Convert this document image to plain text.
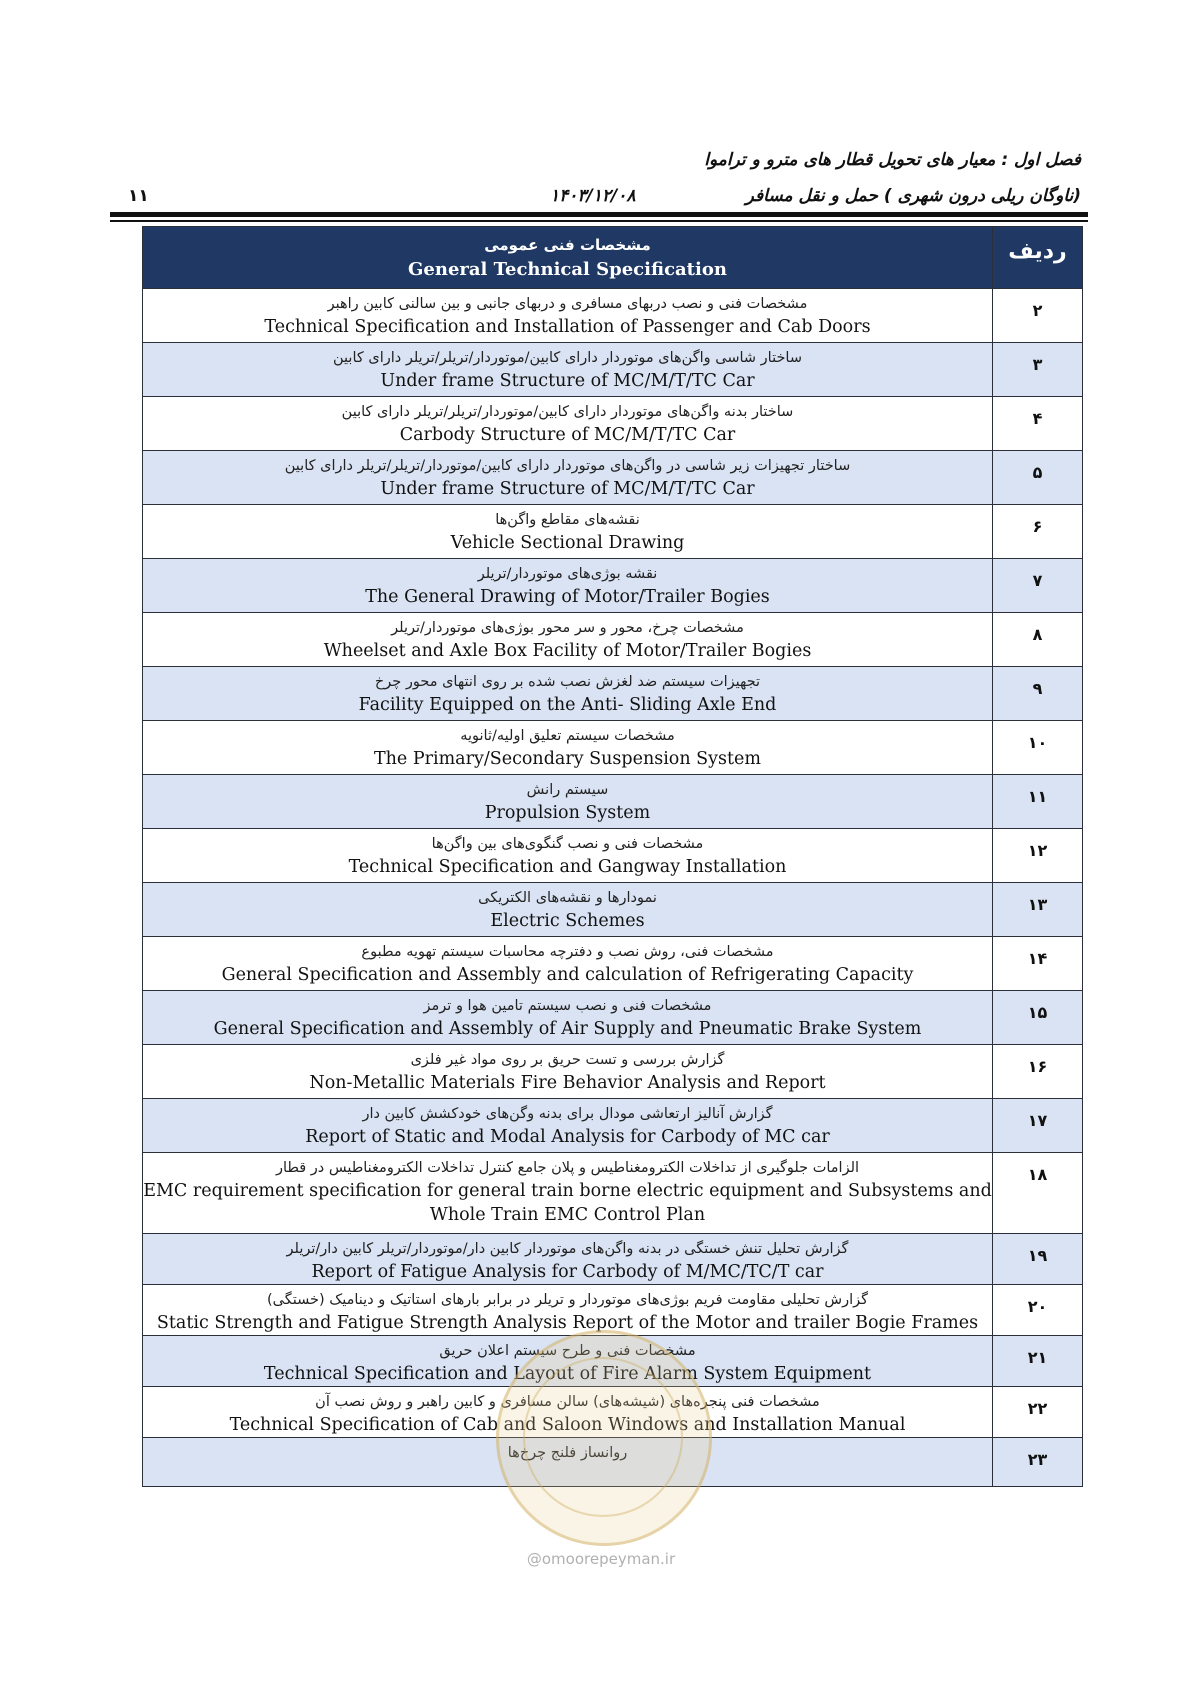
فصل اول : معیار های تحویل قطار های مترو و تراموا
(ناوگان ریلی درون شهری ) حمل و نقل مسافر
۱۴۰۳/۱۲/۰۸
۱۱
مشخصات فنی عمومی
General Technical Specification	ردیف

مشخصات فنی و نصب دربهای مسافری و دربهای جانبی و بین سالنی کابین راهبر
Technical Specification and Installation of Passenger and Cab Doors	۲

ساختار شاسی واگن‌های موتوردار دارای کابین/موتوردار/تریلر/تریلر دارای کابین
Under frame Structure of MC/M/T/TC Car	۳

ساختار بدنه واگن‌های موتوردار دارای کابین/موتوردار/تریلر/تریلر دارای کابین
Carbody Structure of MC/M/T/TC Car	۴

ساختار تجهیزات زیر شاسی در واگن‌های موتوردار دارای کابین/موتوردار/تریلر/تریلر دارای کابین
Under frame Structure of MC/M/T/TC Car	۵

نقشه‌های مقاطع واگن‌ها
Vehicle Sectional Drawing	۶

نقشه بوژی‌های موتوردار/تریلر
The General Drawing of Motor/Trailer Bogies	۷

مشخصات چرخ، محور و سر محور بوژی‌های موتوردار/تریلر
Wheelset and Axle Box Facility of Motor/Trailer Bogies	۸

تجهیزات سیستم ضد لغزش نصب شده بر روی انتهای محور چرخ
Facility Equipped on the Anti- Sliding Axle End	۹

مشخصات سیستم تعلیق اولیه/ثانویه
The Primary/Secondary Suspension System	۱۰

سیستم رانش
Propulsion System	۱۱

مشخصات فنی و نصب گنگوی‌های بین واگن‌ها
Technical Specification and Gangway Installation	۱۲

نمودارها و نقشه‌های الکتریکی
Electric Schemes	۱۳

مشخصات فنی، روش نصب و دفترچه محاسبات سیستم تهویه مطبوع
General Specification and Assembly and calculation of Refrigerating Capacity	۱۴

مشخصات فنی و نصب سیستم تامین هوا و ترمز
General Specification and Assembly of Air Supply and Pneumatic Brake System	۱۵

گزارش بررسی و تست حریق بر روی مواد غیر فلزی
Non-Metallic Materials Fire Behavior Analysis and Report	۱۶

گزارش آنالیز ارتعاشی مودال برای بدنه وگن‌های خودکشش کابین دار
Report of Static and Modal Analysis for Carbody of MC car	۱۷

الزامات جلوگیری از تداخلات الکترومغناطیس و پلان جامع کنترل تداخلات الکترومغناطیس در قطار
EMC requirement specification for general train borne electric equipment and Subsystems and Whole Train EMC Control Plan	۱۸

گزارش تحلیل تنش خستگی در بدنه واگن‌های موتوردار کابین دار/موتوردار/تریلر کابین دار/تریلر
Report of Fatigue Analysis for Carbody of M/MC/TC/T car	۱۹

گزارش تحلیلی مقاومت فریم بوژی‌های موتوردار و تریلر در برابر بارهای استاتیک و دینامیک (خستگی)
Static Strength and Fatigue Strength Analysis Report of the Motor and trailer Bogie Frames	۲۰

مشخصات فنی و طرح سیستم اعلان حریق
Technical Specification and Layout of Fire Alarm System Equipment	۲۱

مشخصات فنی پنجره‌های (شیشه‌های) سالن مسافری و کابین راهبر و روش نصب آن
Technical Specification of Cab and Saloon Windows and Installation Manual	۲۲

روانساز فلنج چرخ‌ها	۲۳
@omoorepeyman.ir
